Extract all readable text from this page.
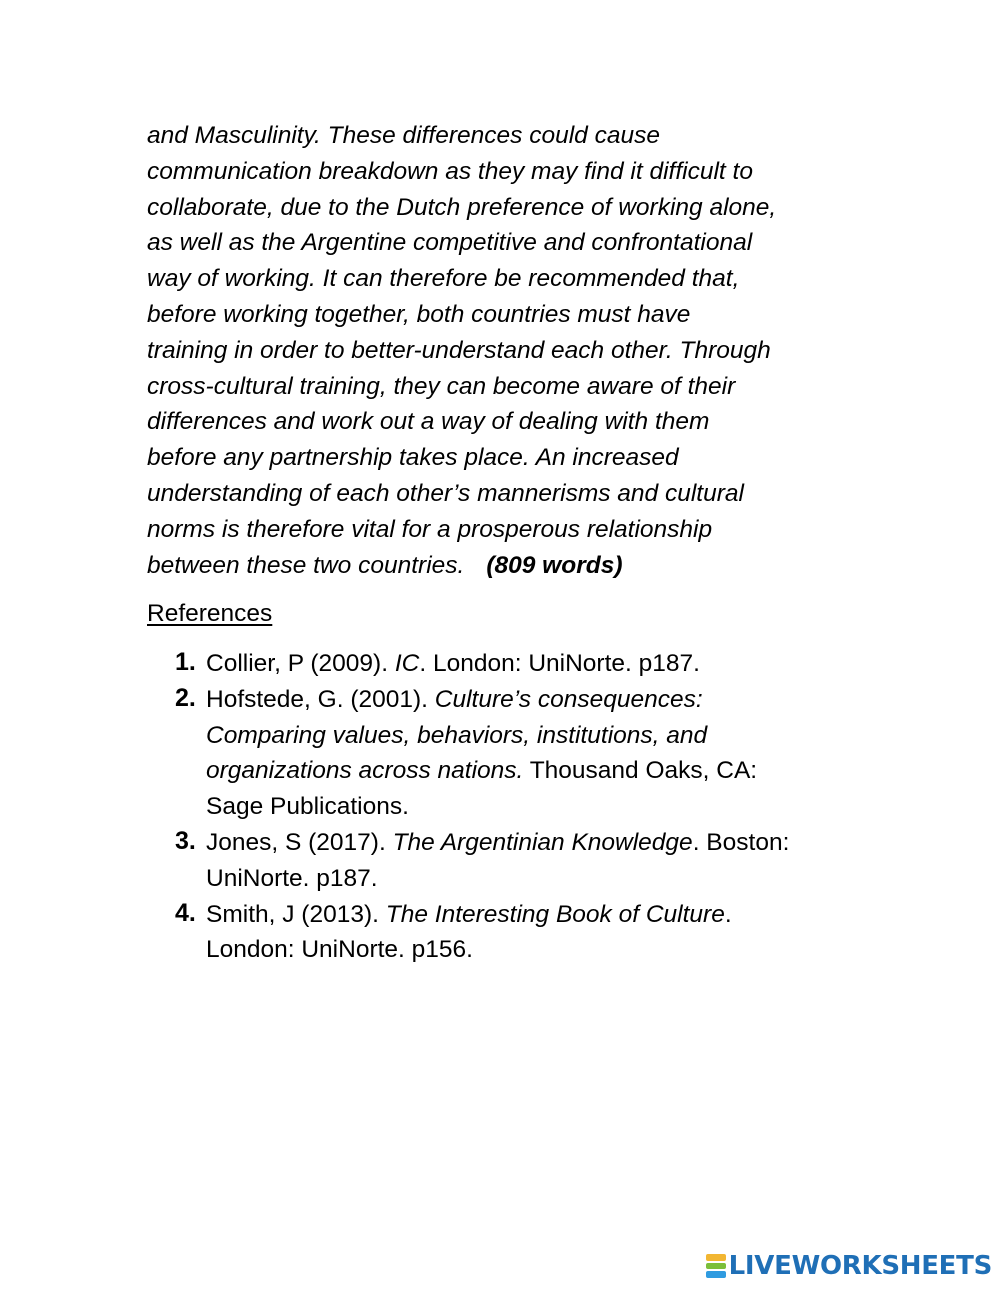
and Masculinity. These differences could cause
communication breakdown as they may find it difficult to
collaborate, due to the Dutch preference of working alone,
as well as the Argentine competitive and confrontational
way of working. It can therefore be recommended that,
before working together, both countries must have
training in order to better-understand each other. Through
cross-cultural training, they can become aware of their
differences and work out a way of dealing with them
before any partnership takes place. An increased
understanding of each other’s mannerisms and cultural
norms is therefore vital for a prosperous relationship
between these two countries. (809 words)

References
1. Collier, P (2009). IC. London: UniNorte. p187.
2. Hofstede, G. (2001). Culture’s consequences:
Comparing values, behaviors, institutions, and
organizations across nations. Thousand Oaks, CA:
Sage Publications.
3. Jones, S (2017). The Argentinian Knowledge. Boston:
UniNorte. p187.
4. Smith, J (2013). The Interesting Book of Culture.
London: UniNorte. p156.
LIVEWORKSHEETS
